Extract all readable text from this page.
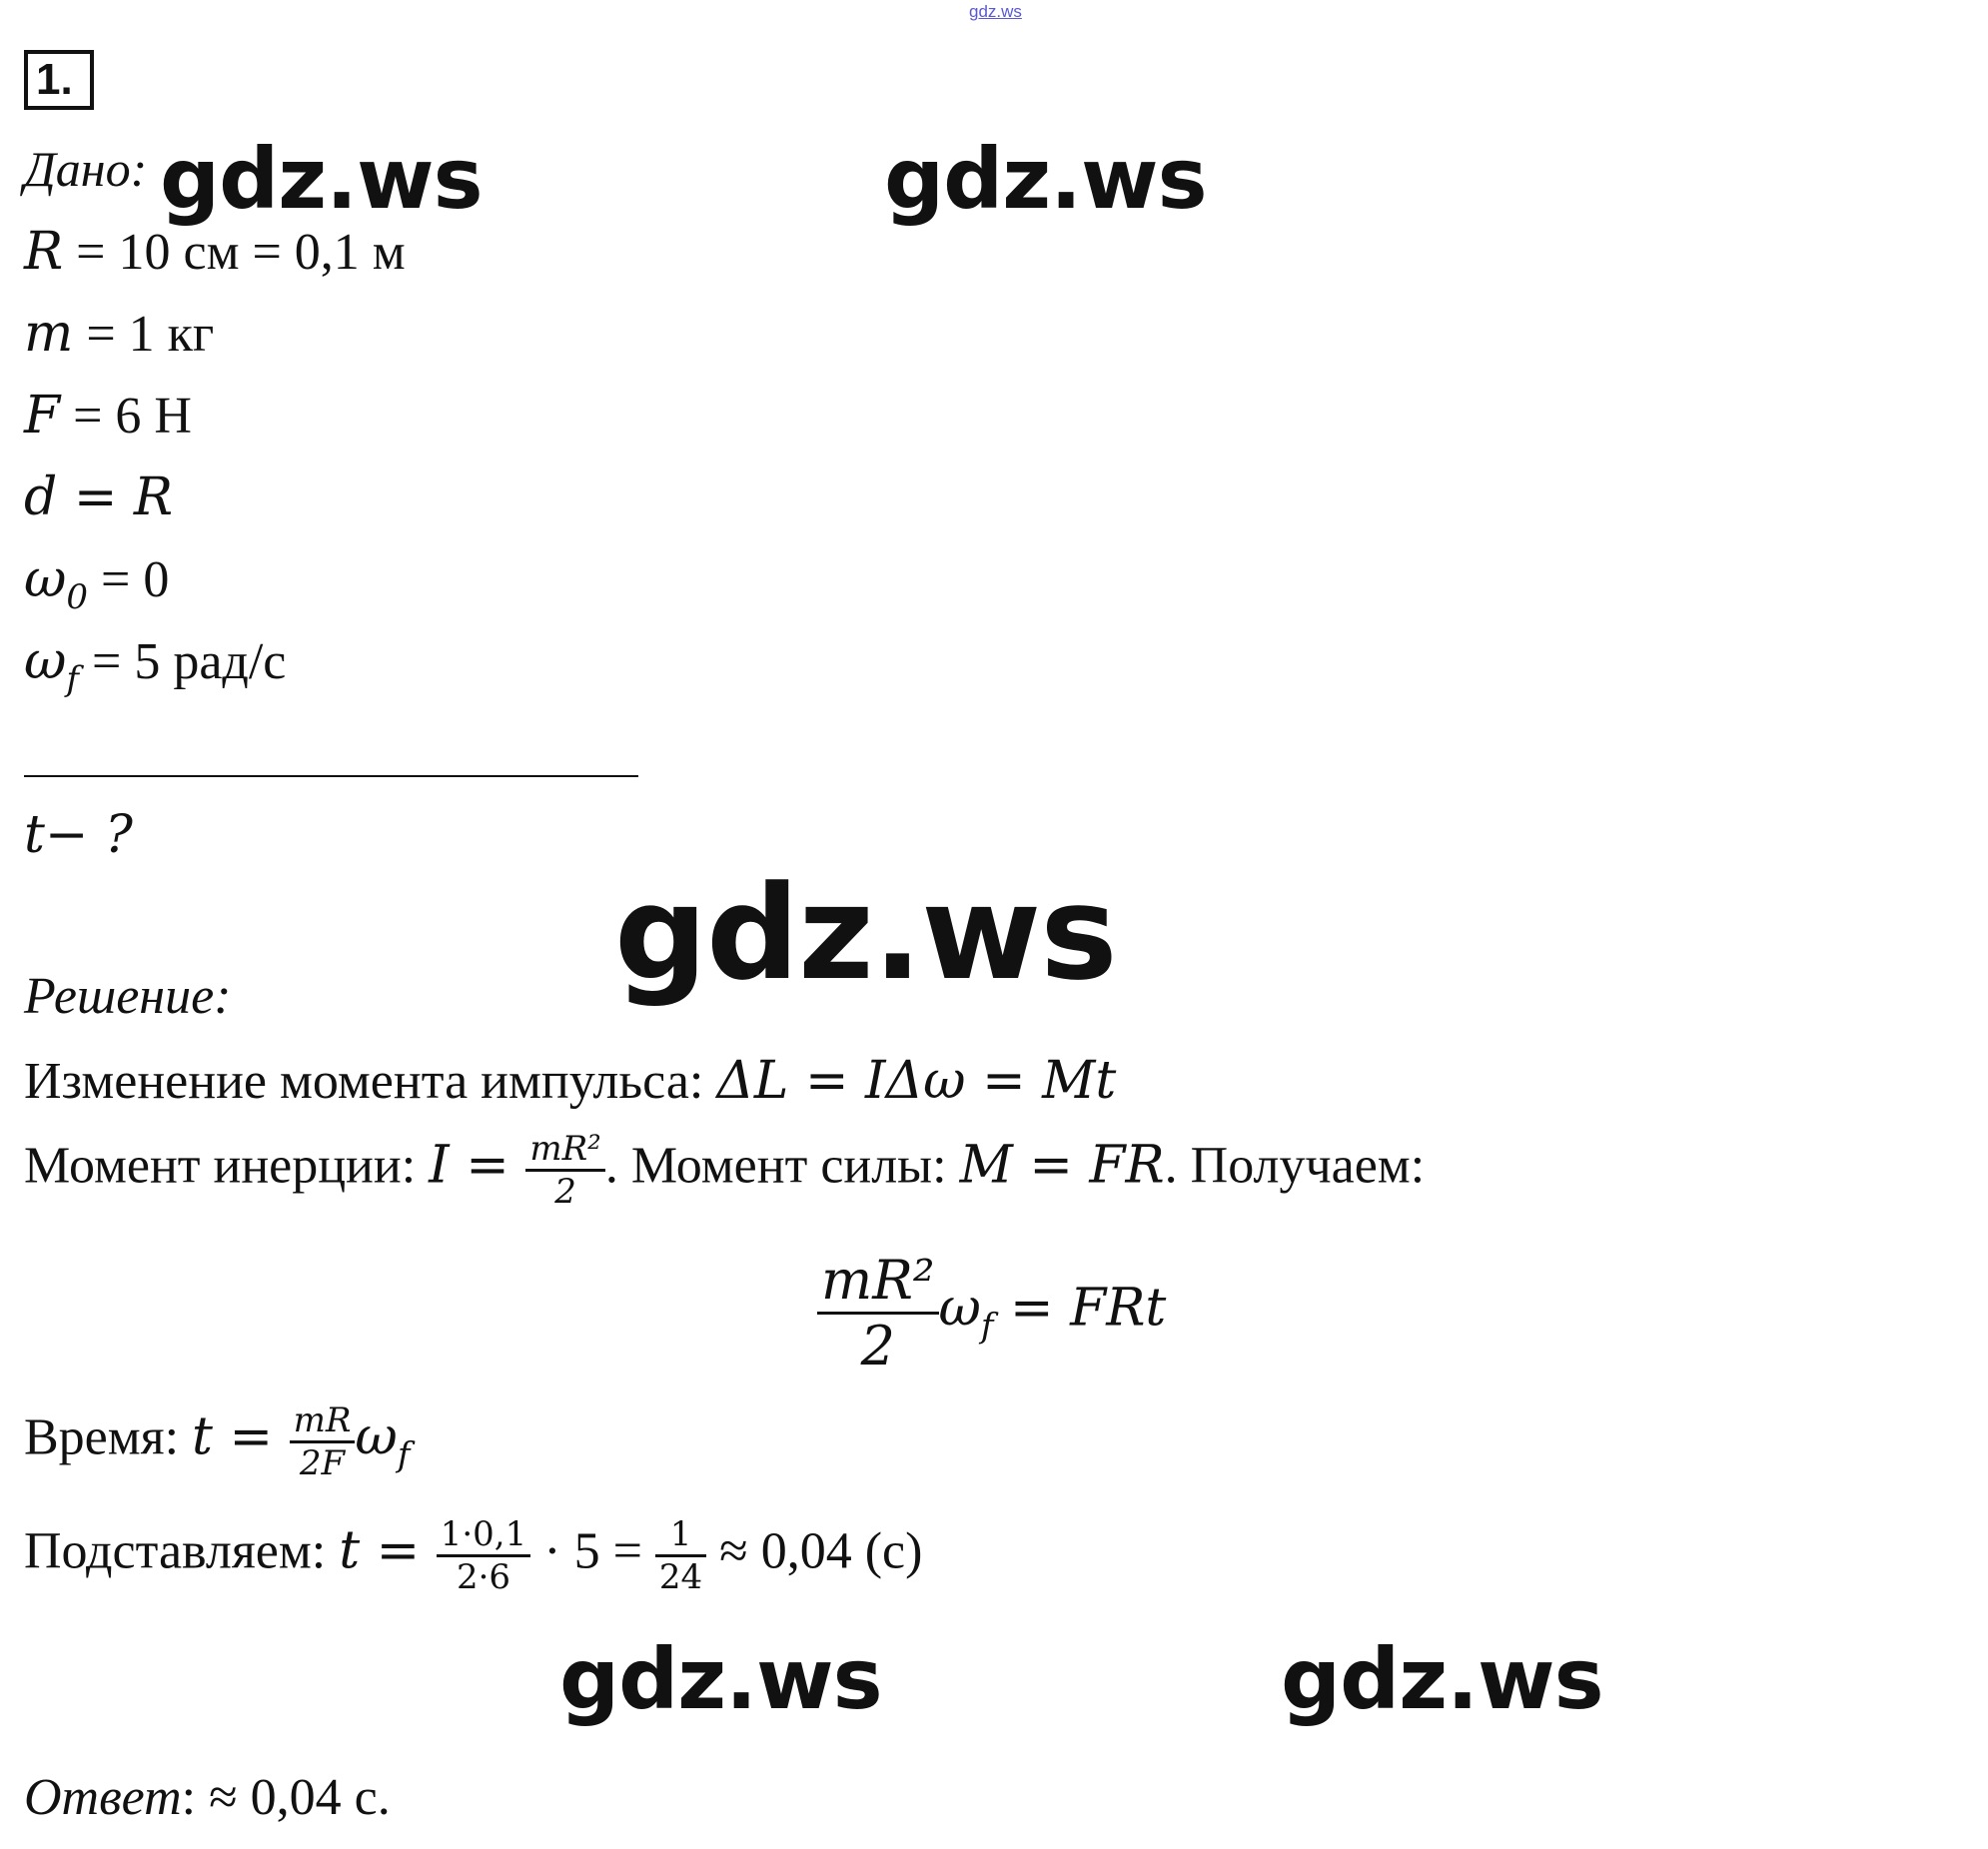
gdz.ws
1.
Дано:
R = 10 см = 0,1 м
m = 1 кг
F = 6 Н
d = R
$\omega_0 = 0$
$\omega_f = 5$ рад/с
t− ?
Решение:
Изменение момента импульса: ΔL = IΔω = Mt
Момент инерции: $I = \frac{\text{mR²}}{2}$ . Момент силы: M = FR. Получаем:
$\frac{\text{mR²}}{2} \omega_f$ = FRt
Время: $t = \frac{mR}{2F} \omega_f$
Подставляем: $t = \frac{1\cdot 0,1}{2\cdot 6} \cdot 5 = \frac{1}{24} \approx 0,04$ (c)
Ответ: ≈ 0,04 с.
gdz.ws	gdz.ws
gdz.ws
gdz.ws	gdz.ws
